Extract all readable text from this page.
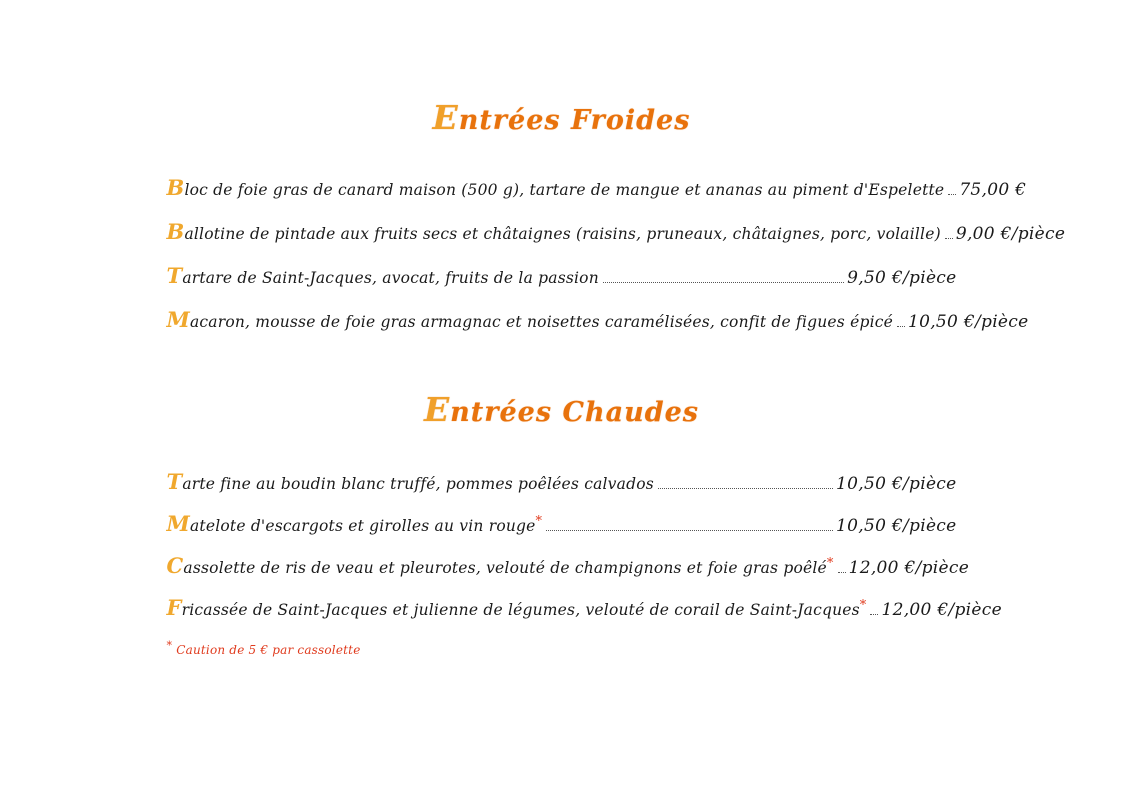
Entrées Froides
Bloc de foie gras de canard maison (500 g), tartare de mangue et ananas au piment d'Espelette 75,00 €
Ballotine de pintade aux fruits secs et châtaignes (raisins, pruneaux, châtaignes, porc, volaille) 9,00 €/pièce
Tartare de Saint-Jacques, avocat, fruits de la passion	9,50 €/pièce
Macaron, mousse de foie gras armagnac et noisettes caramélisées, confit de figues épicé 10,50 €/pièce
Entrées Chaudes
Tarte fine au boudin blanc truffé, pommes poêlées calvados	10,50 €/pièce
Matelote d'escargots et girolles au vin rouge*	10,50 €/pièce
Cassolette de ris de veau et pleurotes, velouté de champignons et foie gras poêlé* 12,00 €/pièce
Fricassée de Saint-Jacques et julienne de légumes, velouté de corail de Saint-Jacques* 12,00 €/pièce
* Caution de 5 € par cassolette
